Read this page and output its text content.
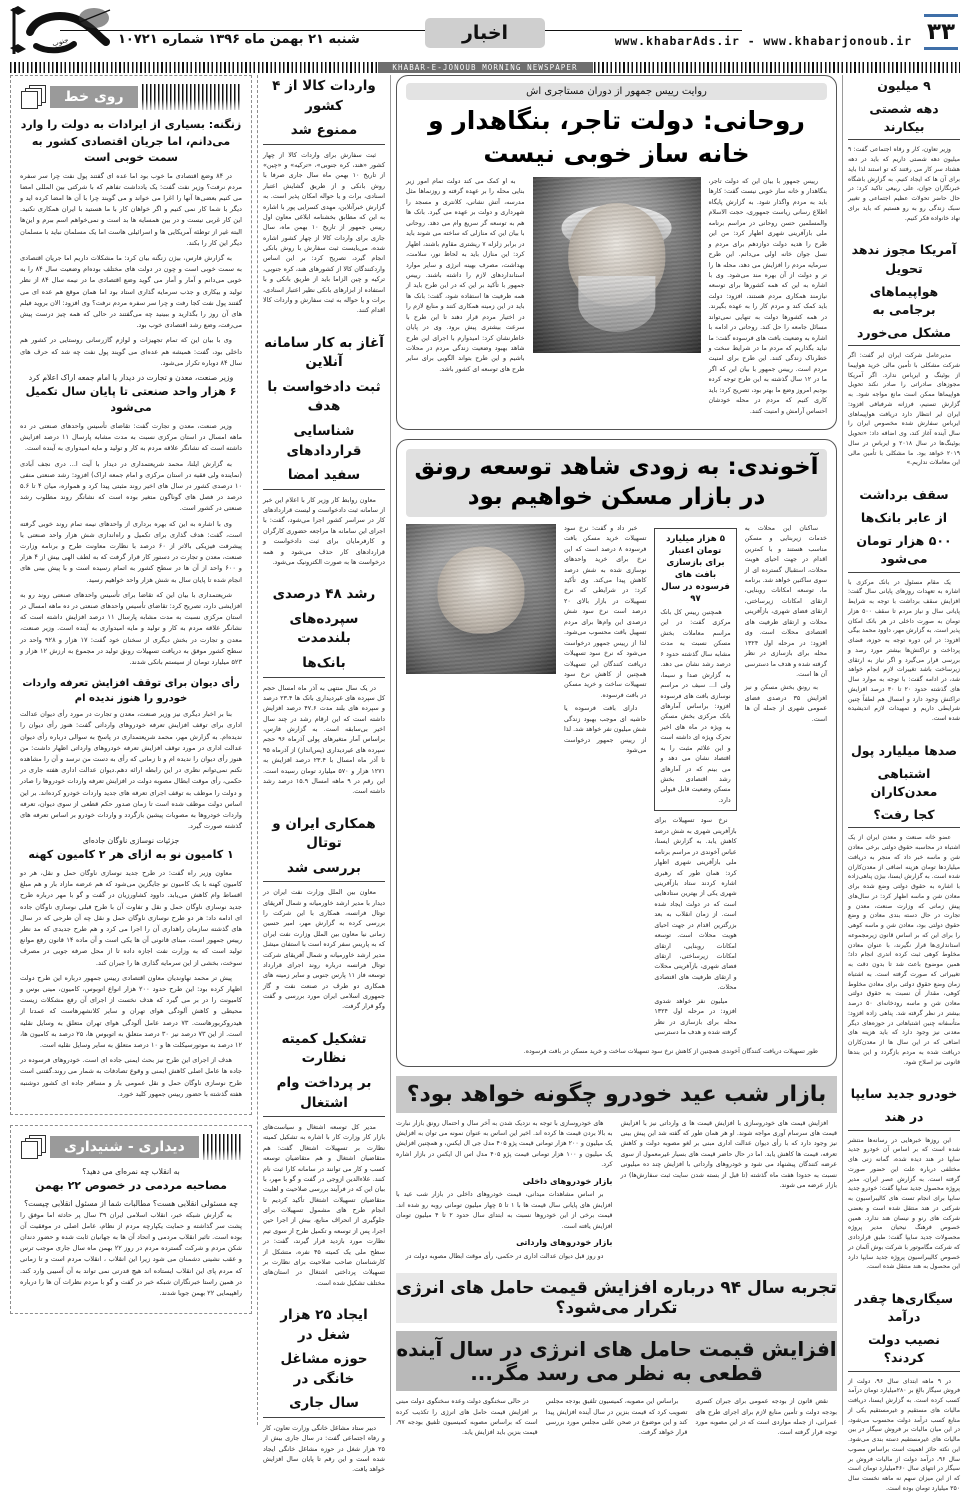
۳۳
www.khabarAds.ir - www.khabarjonoub.ir
اخبار
شنبه ۲۱ بهمن ماه ۱۳۹۶ شماره ۱۰۷۲۱
جنوب
KHABAR-E-JONOUB MORNING NEWSPAPER
۹ میلیون
دهه شصتی بیکارند

وزیر تعاون، کار و رفاه اجتماعی گفت: ۹ میلیون دهه شصتی داریم که باید در دهه هشتاد سر کار می رفتند که تو استند لذا باید برای آن ها که ایجاد کنیم. به گزارش باشگاه خبرنگاران جوان، علی ربیعی تاکید کرد: در حال حاضر تحولات عظیم اجتماعی و تغییر سبک زندگی رو به رو هستیم که باید برای نهاد خانواده فکر کنیم.

آمریکا مجوز ندهد تحویل
هواپیماهای برجامی به
مشکل می‌خورد

مدیرعامل شرکت ایران ایر گفت: اگر شرکت مشکلی با تأمین مالی خرید هواپیما از بوئینگ و ایرباس ندارد. اگر آمریکا مجوزهای صادراتی را صادر نکند تحویل هواپیماها ممکن است مانع مواجه شود. به گزارش تسنیم، فرزانه شرفبافی افزود: ایران ایر انتظار دارد دریافت هواپیماهای ایرباس سفارش شده مخصوص ایران را سال آینده آغاز کند، وی اضافه داد: «تحویل بوئینگ‌ها در سال ۲۰۱۸ و ایرباس در سال ۲۰۱۹ خواهد بود. ما مشکلی با تأمین مالی این معاملات نداریم.»

سقف برداشت
از عابر بانک‌ها
۵۰۰ هزار تومان می‌شود

یک مقام مسئول در بانک مرکزی با اشاره به تعهدات روزهای پایانی سال گفت: افزایش سقف برداشت با توجه به شرایط پایانی سال و نیاز مردم تا سقف ۵۰۰ هزار تومان به صورت داخلی در هر بانک امکان پذیر است. به گزارش مهر، داوود محمد بیگی افزود: در این دوره توجه به حوزه، فضای پرداخت و تراکنش‌ها بیشتر مورد رصد و بررسی قرار می‌گیرد و اگر نیاز به ارتقای زیرساخت باشد تغییرات لازم انجام خواهد شد، در ادامه گفت: با توجه به موارد سال های گذشته حدود ۲۰ تا ۳۰ درصد افزایش تراکنش وجود دارد و امسال هم لطفاً چنین شرایطی داریم و تمهیدات لازم اندیشیده شده است.

صدها میلیارد پول
اشتباهی معدن‌کاران
کجا رفت؟

عضو خانه صنعت و معدن ایران از یک اشتباه در محاسبه حقوق دولتی برخی معادن شن و ماسه خبر داد که منجر به دریافت میلیاردها تومان هزینه اضافی از معدن‌کاران شده است. به گزارش ایسنا، بیژن پناهی‌زاده با اشاره به حقوق دولتی وضع شده برای معادن شن و ماسه اظهار کرد: در سال‌های پیش زمانی که وزارت صنعت، معدن و تجارت در حال دسته بندی معادن و وضع حقوق دولتی بود، معادن شن و ماسه کوهی را برای این که بر اساس قانون زیرمجموعه استانداری‌ها قرار نگیرند، با عنوان معادن مخلوط کوهی ثبت کرده اندری انجام داد؛ همین موضوع باعث شد تا بدون دقت به تغییراتی که صورت گرفته است. به اشتباه زمان وضع حقوق دولتی برای معادن مخلوط کوهی، مقدار آن نسبت به حقوق دولتی معادن شن و ماسه رودخانه‌ای ۵۰ درصد بیشتر در نظر گرفته شد. پناهی زاده افزود: متأسفانه چنین اشتباهاتی در حوزه‌های دیگر معدنی نیز وجود دارد که باید هزینه های اضافی که در این سال ها از معدن‌کاران دریافت شده به مردم بازگردد و این بندها قانونی نیز اصلاح شود.

خودرو جدید سایپا
در هند

این روزها خبرهایی در رسانه‌ها منتشر شده است که بر اساس آن خودرو جدید سایپا در هند دیده شده، گمانه زنی های مختلفی درباره علت این حضور صورت گرفته است. به گزارش عصر ایران، مدیر پروژه محصول جدید سایپا گفت: خودرو جدید سایپا برای انجام تست های کالیبراسیون به شرکتی در هند منتقل شده است و بعضی شرکت های رنو و نیسان هند ندارد. همین خصوص فرهنگ نیحیان مدیر پروژه محصولات جدید سایپا گفت: طبق قراردادی که شرکت مگاموتور با شرکت بوش آلمان در خصوص کالیبراسیون پروژه جدید سایپا دارد این محصول به هند منتقل شده است.

سیگاری‌ها چقدر درآمد
نصیب دولت کردند؟

در ۹ ماهه ابتدای سال ۹۶، دولت از فروش سیگار بالغ بر ۲۸۰میلیارد تومان درآمد کسب کرده است. به گزارش ایسنا، دریافت مالیات های مستقیم و غیرمستقیم یکی از منابع کسب درآمد دولت محسوب می‌شود، در این میان مالیات بر فروش سیگار در بین مالیات های غیرمستقیم دسته بندی می‌شود. این نکته حائز اهمیت است براساس مصوب سال ۹۶، درآمد دولت از مالیات فروش بر سیگار در انتهای سال ۴۶۰میلیارد تومان است که از این میزان سهم نه ماهه نخست سال ۳۵۰ میلیارد تومان بوده است.

روایت رییس جمهور از دوران مستاجری اش
روحانی: دولت تاجر، بنگاهدار و خانه ساز خوبی نیست

رییس جمهور با بیان این که دولت تاجر، بنگاهدار و خانه ساز خوبی نیست گفت: کارها باید به مردم واگذار شود. به گزارش پایگاه اطلاع رسانی ریاست جمهوری، حجت الاسلام والمسلمین حسن روحانی در مراسم برنامه ملی بازآفرینی شهری اظهار کرد: من این طرح را هدیه دولت دوازدهم برای مردم و نسل جوان خانه اولی می‌دانم. این طرح سرمایه مردم را افزایش می دهد، محله ها را تر و دولت از آن بهره مند می‌شود. وی با اشاره به این که همه کشورها برای توسعه نیازمند همکاری مردم هستند، افزود: دولت باید کمک کند و مردم کار را به عهده بگیرند. در همه کشورها دولت به تنهایی نمی‌تواند مسائل جامعه را حل کند. روحانی در ادامه با اشاره به وضعیت بافت های فرسوده گفت: ما نباید بگذاریم که مردم ما در شرایط سخت و خطرناک زندگی کنند. این طرح برای امنیت مردم است. رییس جمهور با بیان این که اگر ما در ۱۲ سال گذشته به این طرح توجه کرده بودیم امروز وضع ما بهتر بود، تصریح کرد: باید کاری کنیم که مردم در محله خودشان احساس آرامش و امنیت کنند.

به او کمک می کند دولت تمام امور زیر بنایی محله را بر عهده گرفته و روزنماها مثل مدرسه، آتش نشانی، کلانتری و مسجد را شهرداری و دولت بر عهده می گیرد. بانک ها هم به توسعه گر سریع وام می دهد. روحانی با بیان این که منازلی که ساخته می شوند باید در برابر زلزله ۷ ریشتری مقاوم باشند، اظهار کرد: این منازل باید به لحاظ نور، سلامت، بهداشت، مصرف بهینه انرژی و سایر موارد استانداردهای لازم را داشته باشند. رییس جمهور با تأکید بر این که در این طرح باید از همه ظرفیت ها استفاده شود، گفت: بانک ها باید در این زمینه همکاری کنند و منابع لازم را در اختیار مردم قرار دهند تا این طرح با سرعت بیشتری پیش برود. وی در پایان خاطرنشان کرد: امیدوارم با اجرای این طرح شاهد بهبود وضعیت زندگی مردم در محلات باشیم و این طرح بتواند الگویی برای سایر طرح های توسعه ای کشور باشد.

آخوندی: به زودی شاهد توسعه رونق در بازار مسکن خواهیم بود

ساکنان این محلات به خدمات زیربنایی و مسکن مناسب هستند و با کمترین اقدام در جهت احیای هویت محلات، استقبال گسترده ای از سوی ساکنین خواهد شد. برنامه ما، توسعه امکانات روبنایی، ارتقای امکانات زیرساختی، ارتقای فضای شهری، بازآفرینی محلات و ارتقای ظرفیت های اقتصادی محلات است. وی افزود: در مرحله اول ۱۳۲۴ محله برای بازسازی در نظر گرفته شده و هدف ما دسترسی آن ها است.

به رونق بخش مسکن و نیز افزایش ۳۵ درصدی فضای عمومی شهری از جمله آن ها است.

۵ هزار میلیارد تومان اعتبار برای بازسازی بافت های فرسوده در سال ۹۷

همچنین رییس کل بانک مرکزی گفت: در این مراسم معاملات بخش مسکن نسبت به مدت مشابه سال گذشته حدود ۶ درصد رشد نشان می دهد. به گزارش صدا و سیما، ولی ا... سیف در مراسم نوسازی بافت های فرسوده افزود: براساس آمارهای بانک مرکزی بخش مسکن به ویژه در ماه های اخیر تحرک ویژه ای داشته است و این علائم مثبت را به اقتصاد نشان می دهد و می بینم که در آمارهای رشد اقتصادی بخش مسکن وضعیت قابل قبولی دارد.

نرخ سود تسهیلات برای بازآفرینی شهری به شش درصد کاهش یابد. به گزارش ایسنا، عباس آخوندی در مراسم برنامه ملی بازآفرینی شهری اظهار کرد: همان طور که رهبری اشاره کردند ستاد بازآفرینی شهری یکی از بهترین ستادهایی است که در دولت ایجاد شده است. از زمان انقلاب به بعد بزرگترین اقدام در جهت احیای هویت محلات است. توسعه امکانات روبنایی، ارتقای امکانات زیرساختی، ارتقای فضای شهری، بازآفرینی محلات و ارتقای ظرفیت های اقتصادی محلات.

میلیون نفر خواهد شدوی افزود: در مرحله اول ۱۳۲۴ محله برای بازسازی در نظر گرفته شده و هدف ما دسترسی

خبر داد و گفت: نرخ سود تسهیلات خرید مسکن بافت فرسوده ۸ درصد است که این نرخ برای خرید واحدهای نوسازی شده به شش درصد کاهش پیدا می‌کند. وی تأکید کرد: در شرایطی که نرخ تسهیلات در بازار بالای ۲۰ درصد است نرخ سود شش درصدی این وام‌ها برای مردم تسهیل بافت محسوب می‌شود. لذا از رییس جمهور درخواست می‌شود که نرخ سود تسهیلات دریافت کنندگان این تسهیلات همچنین از کاهش نرخ سود تسهیلات ساخت و خرید مسکن در بافت فرسوده.

دارای بافت فرسوده یا حاشیه ای موجب بهبود زندگی شش میلیون نفر خواهد شد. لذا از رییس جمهور درخواست می‌شود

طور تسهیلات دریافت کنندگان آخوندی همچنین از کاهش نرخ سود تسهیلات ساخت و خرید مسکن در بافت فرسوده.

بازار شب عید خودرو چگونه خواهد بود؟

افزایش قیمت های خودروسازی با افزایش قیمت ها ی وارداتی نیز با افزایش قیمت های سرسام آوری مواجه شوند. او هر همان طور که گفته شد این پیش بینی نیز وجود دارد که با رأی دیوان عدالت اداری مبنی بر لغو مصوبه دولت و کاهش تعرفه، قیمت ها کاهش یابد. اما در حال حاضر قیمت های بسیار غیرمعمول از سوی عرضه کنندگان پیشنهاد می شود و خودروهای وارداتی با افزایش چند ده میلیونی نسبت به حدودا هفت ماه گذشته (تا قبل از بسته شدن سایت ثبت سفارش‌ها) در بازار عرضه می شوند.

های خودروسازی با توجه به نزدیک شدن به آخر سال و احتمال رونق بازار نبارت به بالا بردن قیمت ها کرده اند. اخیر این اساس به عنوان نمونه می توان به افزایش یک میلیون و ۲۰۰ هزار تومانی قیمت پژو ۴۰۵ مدل جی ال ایکس، و همچنین افزایش یک میلیون و ۱۰۰ هزار تومانی قیمت پژو ۴۰۵ مدل اس ال ایکس در بازار اشاره کرد.

بازار خودروهای داخلی

بر اساس مشاهدات میدانی، قیمت خودروهای داخلی در بازار شب عید با افزایش های پایانی سال قیمت ها با ۱ تا ۵ چهار میلیون تومانی روبه رو شده اند. قیمت برخی از این خودروها نسبت به ابتدای سال حدود ۲ تا ۴ میلیون تومان افزایش یافته است.

بازار خودروهای وارداتی

دو روز قبل دیوان عدالت اداری در حکمی، رأی موقت ابطال مصوبه دولت در

تجربه سال ۹۴ درباره افزایش قیمت حامل های انرژی تکرار می‌شود؟
افزایش قیمت حامل های انرژی در سال آینده قطعی به نظر می رسد مگر...

نقض قانون از بودجه عمومی برای جبران کسری بودجه دولت و تأمین منابع لازم برای اجرای طرح های عمرانی، از جمله مواردی است که در این مصوبه مورد توجه قرار گرفته است.

براساس این مصوبه، کمیسیون تلفیق بودجه مجلس تصویب کرد که قیمت بنزین در سال آینده افزایش پیدا کند و این موضوع در صحن علنی مجلس مورد بررسی قرار خواهد گرفت.

در حالی سخنگوی دولت وعده سخنگوی دولت مبنی بر افزایش قیمت حامل های انرژی را تکذیب کرده است که براساس مصوبه کمیسیون تلفیق بودجه ۹۷، قیمت بنزین باید افزایش یابد.

واردات کالا از ۴ کشور
ممنوع شد

ثبت سفارش برای واردات کالا از چهار کشور «هند، کره جنوبی»، «ترکیه» و «چین» از تاریخ ۱۰ بهمن ماه سال جاری صرفا با روش بانکی و از طریق گشایش اعتبار اسنادی، برات و یا حواله امکان پذیر است. به گزارش خبرآنلاین، مهدی کسرایی پور با اشاره به این که مطابق بخشنامه ابلاغی معاون اول رییس جمهور از تاریخ ۱۰ بهمن ماه، سال جاری برای واردات کالا از چهار کشور اشاره شده، می‌بایست ثبت سفارش با روش بانکی انجام گیرد، تصریح کرد: بر این اساس واردکنندگان کالا از کشورهای هند، کره جنوبی، ترکیه و چین الزاما باید از طریق بانکی و با استفاده از ابزارهای بانکی نظیر اعتبار اسنادی، برات و یا حواله به ثبت سفارش و واردات کالا اقدام کنند.

آغاز به کار سامانه آنلاین
ثبت دادخواست با هدف
شناسایی قراردادهای
سفید امضا

معاون روابط کار وزیر کار با اعلام این خبر از سامانه ثبت دادخواست و لیست قراردادهای کار در سراسر کشور اجرا می‌شود، گفت: با اجرای این سامانه ها مراجعه حضوری کارگران و کارفرمایان برای ثبت دادخواست و قراردادهای کار حذف می‌شود و همه درخواست ها به صورت الکترونیک می‌شود.

رشد ۴۸ درصدی
سپرده‌های بلندمدت
بانک‌ها

در یک سال منتهی به آذر ماه امسال حجم کل سپرده های غیردیداری بانک ها ۲۳.۴ درصد و سپرده های بلند مدت ۴۷.۶ درصد افزایش داشته است که این ارقام رشد در چند سال اخیر بی‌سابقه است. به گزارش فارس، براساس آمار متغیرهای پولی آذرماه ۹۶ حجم سپرده های غیردیداری (پس‌انداز) از آذرماه ۹۵ تا آذر ماه امسال با ۲۳.۴ درصد افزایش به ۱۲۷۱ هزار و ۵۷۰ میلیارد تومان رسیده است. این رقم در ۹ ماهه امسال ۱۵.۹ درصد رشد داشته است.

همکاری ایران و توتال
بررسی شد

معاون بین الملل وزارت نفت ایران در دیدار با مدیر ارشد خاورمیانه و شمال آفریقای توتال فرانسه، همکاری با این شرکت را بررسی کرده به گزارش مهر، امیر حسین زمانی نیا معاون بین الملل وزارت نفت ایران که به پاریس سفر کرده است با استفان میشل مدیر ارشد خاورمیانه و شمال آفریقای شرکت توتال فرانسه درباره روند اجرای قرارداد توسعه فاز ۱۱ پارس جنوبی و سایر زمینه های همکاری دو طرف در صنعت نفت و گاز جمهوری اسلامی ایران مورد بررسی و گفت وگو قرار گرفت.

تشکیل کمیته نظارت
بر پرداخت وام اشتغال

مدیر کل توسعه اشتغال و سیاست‌های بازار کار وزارت کار با اشاره به تشکیل کمیته نظارت بر تسهیلات اشتغال گفت: هم متقاضیان اشتغال و هم متقاضیان توسعه کسب و کار می توانند در سامانه کارا ثبت نام کنند. علاءالدین ازوجی در گفت و گو با مهر، با بیان این که در فرآیند بررسی صلاحیت و اهلیت متقاضیان تسهیلات اشتغال تأکید کردیم تا انجام طرح های مشمول تسهیلات برای جلوگیری از انحراف منابع، بیش از اجرا حین اجرا، پس از توسعه و تکمیل طرح از سوی تیم نظارت مورد بازدید قرار گیرند، گفت: در سطح ملی یک کمیته ۴۵ نفره، متشکل از کارشناسان صاحب صلاحیت برای نظارت بر تسهیلات پرداختی اشتغال در استان‌های مختلف تشکیل شده است.

ایجاد ۲۵ هزار شغل در
حوزه مشاغل خانگی در
سال جاری

دبیر ستاد مشاغل خانگی وزارت تعاون، کار و رفاه اجتماعی گفت: در سال جاری بیش از ۲۵ هزار شغل در حوزه مشاغل خانگی ایجاد شده است و این رقم تا پایان سال افزایش خواهد یافت.

روی خط
زنگنه: بسیاری از ایرادات به دولت را وارد می‌دانم، اما جریان اقتصادی کشور به سمت خوبی است

در ۸۴ وضع اقتصادی ما خوب بود اما عده ای گفتند پول نفت چرا سر سفره مردم نرفت؟ وزیر نفت گفت: یک یادداشت تفاهم که با شرکتی بین المللی امضا می کنیم بعضی‌ها آنها را اغرا می خواند و می گویند چرا با آن ها امضا کرده اید و دیگر با شما کار نمی کنیم و اگر خواهان کار با ما هستید با ایران همکاری نکنید. این کار غربی نیست و در بین همسایه ها بد است و نمی‌خواهم اسم ببرم و این‌ها البته غیر از توطئه آمریکایی ها و اسرائیلی هاست اما یک مسلمان نباید با مسلمان دیگر این کار را بکند.

به گزارش فارس، بیژن زنگنه بیان کرد: ما مشکلات داریم اما جریان اقتصادی به سمت خوبی است و چون در دولت های مختلف بوده‌ام وضعیت سال ۸۴ را به خوبی می‌دانم و آمار و آمار می گوید وضع اقتصادی ما در نیمه سال ۸۴ از نظر تولید و بیکاری و جذب سرمایه گذاری استاد بود اما همان موقع هم عده ای می گفتند پول نفت کجا رفت و چرا سر سفره مردم نرفت؟ وی افزود: الان بروید فیلم های آن روز را بگذارید و ببینید چه می‌گفتند در حالی که همه چیز درست پیش می‌رفت، وضع رشد اقتصادی خوب بود.

وی با بیان این که تمام تجهیزات و لوازم گازرسانی روستایی در کشور هم داخلی بود، گفت: همیشه هم عده‌ای می گویند پول نفت چه شد که حرف های سال ۸۴ دوباره تکرار می‌شود.

وزیر صنعت، معدن و تجارت در دیدار با امام جمعه اراک اعلام کرد
۶ هزار واحد صنعتی تا پایان سال تکمیل می‌شود

وزیر صنعت، معدن و تجارت گفت: تقاضای تأسیس واحدهای صنعتی در ده ماهه امسال در استان مرکزی نسبت به مدت مشابه پارسال ۱۱ درصد افزایش داشته است که نشانگر علاقه مردم به کار و تولید و مایه امیدواری به آینده است.

به گزارش ایلنا، محمد شریعتمداری در دیدار با آیت ا... دری نجف آبادی (نماینده ولی فقیه در استان مرکزی و امام جمعه اراک) افزود: رشد صنعتی منفی ۱۰ درصدی کشور در سال های اخیر روند مثبتی پیدا کرد و همواره، میان ۴ تا ۵.۶ درصد در فصل های گوناگون متغیر بوده است که نشانگر روند مطلوب رشد صنعتی در کشور است.

وی با اشاره به این که بهره برداری از واحدهای نیمه تمام روند خوبی گرفته است، گفت: هدف گذاری برای تکمیل و راه‌اندازی شش هزار واحد صنعتی با پیشرفت فیزیکی بالاتر از ۶۰ درصد با نظارت معاونت طرح و برنامه وزارت صنعت، معدن و تجارت در دستور کار قرار گرفت که به لطف الهی بیش از ۴ هزار و ۶۰۰ واحد از آن ها در سطح کشور به اتمام رسیده است و با پیش بینی های انجام شده تا پایان سال به شش هزار واحد خواهیم رسید.

شریعتمداری با بیان این که تقاضا برای تأسیس واحدهای صنعتی روند رو به افزایشی دارد، تصریح کرد: تقاضای تأسیس واحدهای صنعتی در ده ماهه امسال در استان مرکزی نسبت به مدت مشابه پارسال ۱۱ درصد افزایش داشته است که نشانگر علاقه مردم به کار و تولید و مایه امیدواری به آینده است. وزیر صنعت، معدن و تجارت در بخش دیگری از سخنان خود گفت: ۱۷ هزار و ۹۲۸ واحد در سطح کشور موفق به دریافت تسهیلات رونق تولید در مجموع به ارزش ۱۲ هزار و ۵۲۳ میلیارد تومان از سیستم بانکی شدند.

رأی دیوان برای توقف افزایش تعرفه واردات خودرو را هنوز ندیده ام

بنا بر اخبار دیگری نیز وزیر صنعت، معدن و تجارت در مورد رأی دیوان عدالت اداری برای توقف افزایش تعرفه خودروهای وارداتی گفت: هنوز رأی دیوان را ندیده‌ام. به گزارش مهر، محمد شریعتمداری در پاسخ به سوالی درباره رأی دیوان عدالت اداری در مورد توقف افزایش تعرفه خودروهای وارداتی اظهار داشت: من هنوز رأی دیوان را ندیده ام و تا زمانی که رأی به دست من نرسد و آن را مشاهده نکنم نمی‌توانم نظری در این رابطه ارائه دهم.دیوان عدالت اداری هفته جاری در حکمی، رأی موقت ابطال مصوبه دولت در افزایش تعرفه واردات خودروها را صادر و دولت را موظف به توقف اجرای تعرفه های جدید واردات خودرو کرده‌اند. بر این اساس دولت موظف شده است تا زمان صدور حکم قطعی از سوی دیوان، تعرفه واردات خودروها به مصوبات پیشین بازگردد و واردات خودرو بر اساس تعرفه های گذشته صورت گیرد.

جزئیات نوسازی ناوگان جاده‌ای
۱ کامیون نو به ازای هر ۲ کامیون کهنه

معاون وزیر راه گفت: در طرح جدید نوسازی ناوگان حمل و نقل، هر دو کامیون کهنه با یک کامیون نو جایگزین می‌شود که هم عرضه مازاد بار و هم مبلغ اقساط وام کاهش می‌یابد. داوود کشاورزیان در گفت و گو با مهر درباره طرح جدید نوسازی ناوگان حمل و نقل و تفاوت آن با طرح قبلی نوسازی ناوگان جاده ای ادامه داد: هر دو طرح نوسازی ناوگان حمل و نقل چه آن طرحی که در سال های گذشته سازمان راهداری آن را اجرا می کرد و هم طرح جدیدی که مد نظر رییس جمهور است، مبنای قانونی آن ها یکی است و آن ماده ۱۴ قانون رفع موانع تولید است که به وزارت نفت اجازه داده تا از محل صرفه جویی در مصرف سوخت، بخشی از این سرمایه گذاری ها را جبران کند.

پیش تر محمد نهاوندیان معاون اقتصادی رییس جمهور درباره این طرح دولت اظهار کرده بود: این طرح حدود ۲۰۰ هزار انواع اتوبوس، کامیون، مینی بوس و کامیونت را در بر می گیرد که هدف نخست از اجرای آن رفع مشکلات زیست محیطی و کاهش آلودگی هوای تهران و سایر کلانشهرهاست که عمدتا از هیدروکربورهاست. ۷۳ درصد عامل آلودگی هوای تهران متعلق به وسایل نقلیه است. از این ۷۳ درصد نیز ۳۰ درصد متعلق به اتوبوس ها، ۲۵ درصد به کامیون ها، ۱۲ درصد به موتورسیکلت ها و ۱۰ درصد متعلق به سایر وسایل نقلیه است.

هدف از اجرای این طرح نیز بحث ایمنی جاده ای است. خودروهای فرسوده در جاده ها عامل اصلی کاهش ایمنی و وقوع تصادفات به شمار می روند.گفتنی است طرح نوسازی ناوگان حمل و نقل عمومی بار و مسافر جاده ای کشور دوشنبه هفته گذشته با حضور رییس جمهور کلید خورد.

دیداری - شنیداری
به انقلاب چه نمره‌ای می دهید؟
مصاحبه مردمی در خصوص ۲۲ بهمن
چه مسئولی انقلابی هست؟ مطالبات شما از مسئول انقلابی چیست؟

به گزارش شبکه خبر، انقلاب اسلامی ایران ۳۹ سال پر حادثه اما موفق را پشت سر گذاشته و حمایت یکپارچه مردم از نظام، عامل اصلی در موفقیت آن بوده است. تاثیر انقلاب مردمی و اتحاد آن ها به جهانیان ثابت شده و حضور دندان شکن مردم و شرکت گسترده مردم در روز ۲۲ بهمن ماه سال جاری موجب ترس و عقب نشینی دشمنان می شود زیرا این انقلاب ، انقلاب مردم است و تا زمانی که مردم پای این انقلاب ایستاده اند هیچ قدرتی نمی تواند به آن آسیبی وارد کند. در همین راستا خبرنگاران شبکه خبر در گفت و گو با مردم نظرات آن ها را درباره راهپیمایی ۲۲ بهمن جویا شدند.
